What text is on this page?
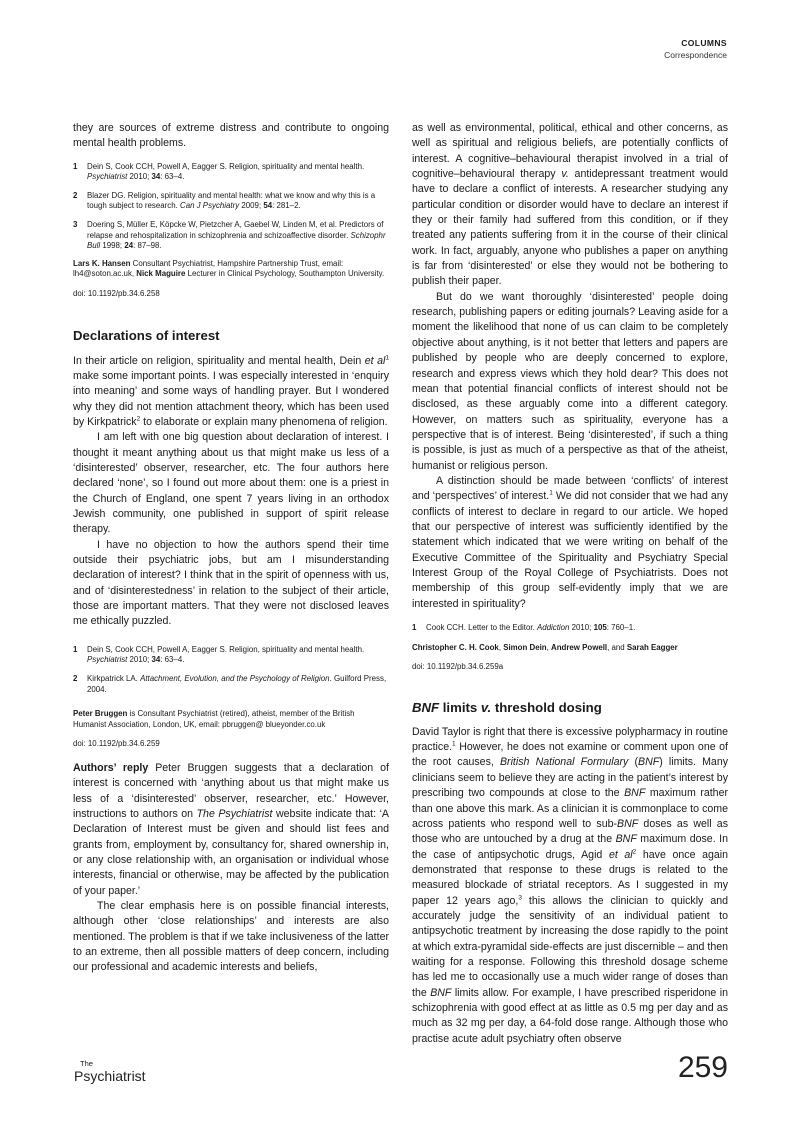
COLUMNS
Correspondence

they are sources of extreme distress and contribute to ongoing mental health problems.

1 Dein S, Cook CCH, Powell A, Eagger S. Religion, spirituality and mental health. Psychiatrist 2010; 34: 63–4.
2 Blazer DG. Religion, spirituality and mental health: what we know and why this is a tough subject to research. Can J Psychiatry 2009; 54: 281–2.
3 Doering S, Müller E, Köpcke W, Pietzcher A, Gaebel W, Linden M, et al. Predictors of relapse and rehospitalization in schizophrenia and schizoaffective disorder. Schizophr Bull 1998; 24: 87–98.
Lars K. Hansen Consultant Psychiatrist, Hampshire Partnership Trust, email: lh4@soton.ac.uk, Nick Maguire Lecturer in Clinical Psychology, Southampton University.
doi: 10.1192/pb.34.6.258
Declarations of interest

In their article on religion, spirituality and mental health, Dein et $al^1$ make some important points. I was especially interested in ‘enquiry into meaning’ and some ways of handling prayer. But I wondered why they did not mention attachment theory, which has been used by Kirkpatrick$^2$ to elaborate or explain many phenomena of religion.

I am left with one big question about declaration of interest. I thought it meant anything about us that might make us less of a ‘disinterested’ observer, researcher, etc. The four authors here declared ‘none’, so I found out more about them: one is a priest in the Church of England, one spent 7 years living in an orthodox Jewish community, one published in support of spirit release therapy.

I have no objection to how the authors spend their time outside their psychiatric jobs, but am I misunderstanding declaration of interest? I think that in the spirit of openness with us, and of ‘disinterestedness’ in relation to the subject of their article, those are important matters. That they were not disclosed leaves me ethically puzzled.

1 Dein S, Cook CCH, Powell A, Eagger S. Religion, spirituality and mental health. Psychiatrist 2010; 34: 63–4.
2 Kirkpatrick LA. Attachment, Evolution, and the Psychology of Religion. Guilford Press, 2004.
Peter Bruggen is Consultant Psychiatrist (retired), atheist, member of the British Humanist Association, London, UK, email: pbruggen@ blueyonder.co.uk
doi: 10.1192/pb.34.6.259

Authors’ reply Peter Bruggen suggests that a declaration of interest is concerned with ‘anything about us that might make us less of a ‘disinterested’ observer, researcher, etc.’ However, instructions to authors on The Psychiatrist website indicate that: ‘A Declaration of Interest must be given and should list fees and grants from, employment by, consultancy for, shared ownership in, or any close relationship with, an organisation or individual whose interests, financial or otherwise, may be affected by the publication of your paper.’

The clear emphasis here is on possible financial interests, although other ‘close relationships’ and interests are also mentioned. The problem is that if we take inclusiveness of the latter to an extreme, then all possible matters of deep concern, including our professional and academic interests and beliefs,

as well as environmental, political, ethical and other concerns, as well as spiritual and religious beliefs, are potentially conflicts of interest. A cognitive–behavioural therapist involved in a trial of cognitive–behavioural therapy v. antidepressant treatment would have to declare a conflict of interests. A researcher studying any particular condition or disorder would have to declare an interest if they or their family had suffered from this condition, or if they treated any patients suffering from it in the course of their clinical work. In fact, arguably, anyone who publishes a paper on anything is far from ‘disinterested’ or else they would not be bothering to publish their paper.

But do we want thoroughly ‘disinterested’ people doing research, publishing papers or editing journals? Leaving aside for a moment the likelihood that none of us can claim to be completely objective about anything, is it not better that letters and papers are published by people who are deeply concerned to explore, research and express views which they hold dear? This does not mean that potential financial conflicts of interest should not be disclosed, as these arguably come into a different category. However, on matters such as spirituality, everyone has a perspective that is of interest. Being ‘disinterested’, if such a thing is possible, is just as much of a perspective as that of the atheist, humanist or religious person.

A distinction should be made between ‘conflicts’ of interest and ‘perspectives’ of interest.$^1$ We did not consider that we had any conflicts of interest to declare in regard to our article. We hoped that our perspective of interest was sufficiently identified by the statement which indicated that we were writing on behalf of the Executive Committee of the Spirituality and Psychiatry Special Interest Group of the Royal College of Psychiatrists. Does not membership of this group self-evidently imply that we are interested in spirituality?

1 Cook CCH. Letter to the Editor. Addiction 2010; 105: 760–1.
Christopher C. H. Cook, Simon Dein, Andrew Powell, and Sarah Eagger
doi: 10.1192/pb.34.6.259a
BNF limits v. threshold dosing

David Taylor is right that there is excessive polypharmacy in routine practice.$^1$ However, he does not examine or comment upon one of the root causes, British National Formulary (BNF) limits. Many clinicians seem to believe they are acting in the patient’s interest by prescribing two compounds at close to the BNF maximum rather than one above this mark. As a clinician it is commonplace to come across patients who respond well to sub-BNF doses as well as those who are untouched by a drug at the BNF maximum dose. In the case of antipsychotic drugs, Agid et $al^2$ have once again demonstrated that response to these drugs is related to the measured blockade of striatal receptors. As I suggested in my paper 12 years ago,$^3$ this allows the clinician to quickly and accurately judge the sensitivity of an individual patient to antipsychotic treatment by increasing the dose rapidly to the point at which extra-pyramidal side-effects are just discernible – and then waiting for a response. Following this threshold dosage scheme has led me to occasionally use a much wider range of doses than the BNF limits allow. For example, I have prescribed risperidone in schizophrenia with good effect at as little as 0.5 mg per day and as much as 32 mg per day, a 64-fold dose range. Although those who practise acute adult psychiatry often observe

The
Psychiatrist	259
